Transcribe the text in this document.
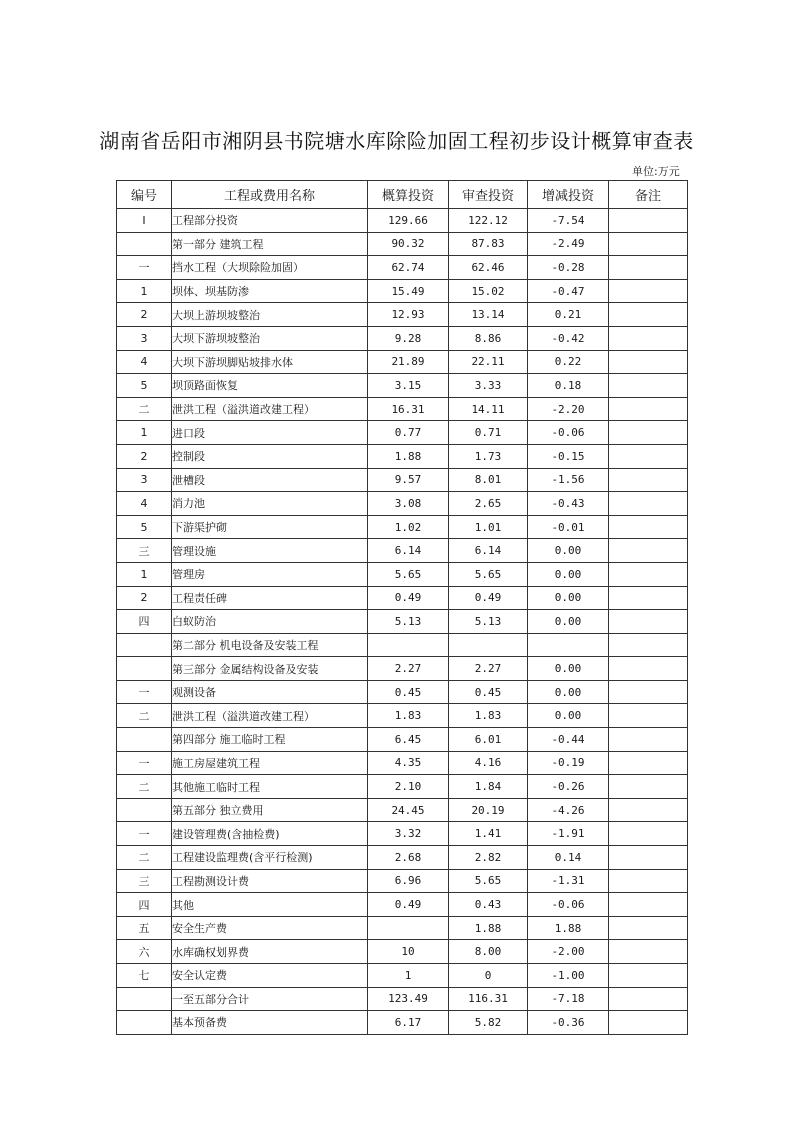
湖南省岳阳市湘阴县书院塘水库除险加固工程初步设计概算审查表
单位:万元
编号	工程或费用名称	概算投资	审查投资	增减投资	备注
I	工程部分投资	129.66	122.12	-7.54	
	第一部分 建筑工程	90.32	87.83	-2.49	
一	挡水工程（大坝除险加固）	62.74	62.46	-0.28	
1	坝体、坝基防渗	15.49	15.02	-0.47	
2	大坝上游坝坡整治	12.93	13.14	0.21	
3	大坝下游坝坡整治	9.28	8.86	-0.42	
4	大坝下游坝脚贴坡排水体	21.89	22.11	0.22	
5	坝顶路面恢复	3.15	3.33	0.18	
二	泄洪工程（溢洪道改建工程）	16.31	14.11	-2.20	
1	进口段	0.77	0.71	-0.06	
2	控制段	1.88	1.73	-0.15	
3	泄槽段	9.57	8.01	-1.56	
4	消力池	3.08	2.65	-0.43	
5	下游渠护砌	1.02	1.01	-0.01	
三	管理设施	6.14	6.14	0.00	
1	管理房	5.65	5.65	0.00	
2	工程责任碑	0.49	0.49	0.00	
四	白蚁防治	5.13	5.13	0.00	
	第二部分 机电设备及安装工程				
	第三部分 金属结构设备及安装	2.27	2.27	0.00	
一	观测设备	0.45	0.45	0.00	
二	泄洪工程（溢洪道改建工程）	1.83	1.83	0.00	
	第四部分 施工临时工程	6.45	6.01	-0.44	
一	施工房屋建筑工程	4.35	4.16	-0.19	
二	其他施工临时工程	2.10	1.84	-0.26	
	第五部分 独立费用	24.45	20.19	-4.26	
一	建设管理费(含抽检费)	3.32	1.41	-1.91	
二	工程建设监理费(含平行检测)	2.68	2.82	0.14	
三	工程勘测设计费	6.96	5.65	-1.31	
四	其他	0.49	0.43	-0.06	
五	安全生产费		1.88	1.88	
六	水库确权划界费	10	8.00	-2.00	
七	安全认定费	1	0	-1.00	
	一至五部分合计	123.49	116.31	-7.18	
	基本预备费	6.17	5.82	-0.36	
